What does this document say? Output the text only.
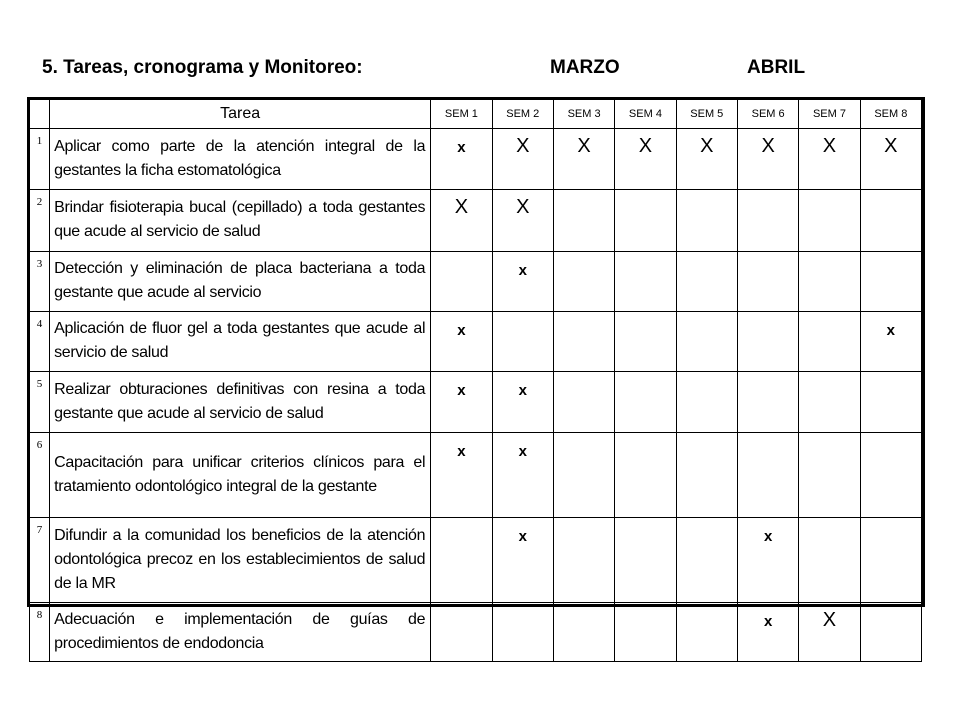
5. Tareas, cronograma y Monitoreo:	MARZO	ABRIL
	Tarea	SEM 1	SEM 2	SEM 3	SEM 4	SEM 5	SEM 6	SEM 7	SEM 8
1	Aplicar como parte de la atención integral de la gestantes la ficha estomatológica	x	X	X	X	X	X	X	X
2	Brindar fisioterapia bucal (cepillado) a toda gestantes que acude al servicio de salud	X	X						
3	Detección y eliminación de placa bacteriana a toda gestante que acude al servicio		x						
4	Aplicación de fluor gel a toda gestantes que acude al servicio de salud	x							x
5	Realizar obturaciones definitivas con resina a toda gestante que acude al servicio de salud	x	x						
6	Capacitación para unificar criterios clínicos para el tratamiento odontológico integral de la gestante	x	x						
7	Difundir a la comunidad los beneficios de la atención odontológica precoz en los establecimientos de salud de la MR		x				x		
8	Adecuación e implementación de guías de procedimientos de endodoncia						x	X	
